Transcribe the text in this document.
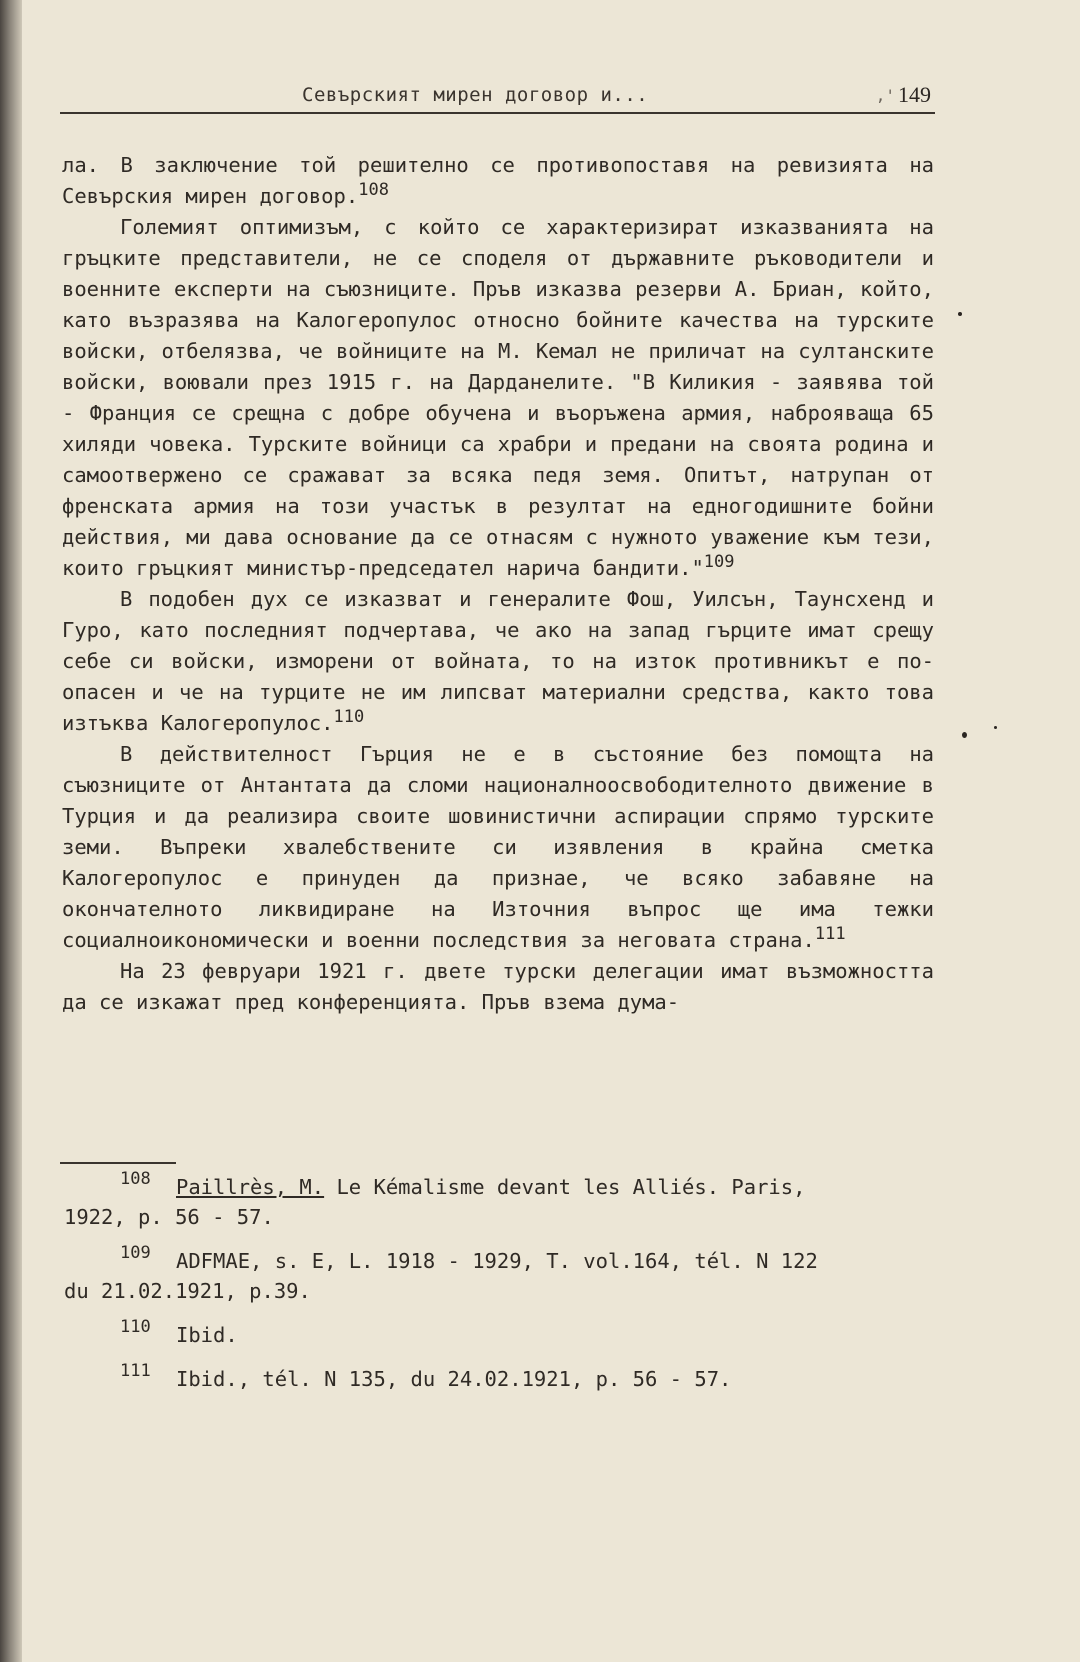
Севърският мирен договор и...	,' 149

ла. В заключение той решително се противопоставя на ревизията на Севърския мирен договор.$^{108}$

Големият оптимизъм, с който се характеризират изказванията на гръцките представители, не се споделя от държавните ръководители и военните експерти на съюзниците. Пръв изказва резерви А. Бриан, който, като възразява на Калогеропулос относно бойните качества на турските войски, отбелязва, че войниците на М. Кемал не приличат на султанските войски, воювали през 1915 г. на Дарданелите. "В Киликия - заявява той - Франция се срещна с добре обучена и въоръжена армия, наброяваща 65 хиляди човека. Турските войници са храбри и предани на своята родина и самоотвержено се сражават за всяка педя земя. Опитът, натрупан от френската армия на този участък в резултат на едногодишните бойни действия, ми дава основание да се отнасям с нужното уважение към тези, които гръцкият министър-председател нарича бандити."$^{109}$

В подобен дух се изказват и генералите Фош, Уилсън, Таунсхенд и Гуро, като последният подчертава, че ако на запад гърците имат срещу себе си войски, изморени от войната, то на изток противникът е по-опасен и че на турците не им липсват материални средства, както това изтъква Калогеропулос.$^{110}$

В действителност Гърция не е в състояние без помощта на съюзниците от Антантата да сломи националноосвободителното движение в Турция и да реализира своите шовинистични аспирации спрямо турските земи. Въпреки хвалебствените си изявления в крайна сметка Калогеропулос е принуден да признае, че всяко забавяне на окончателното ликвидиране на Източния въпрос ще има тежки социалноикономически и военни последствия за неговата страна.$^{111}$

На 23 февруари 1921 г. двете турски делегации имат възможността да се изкажат пред конференцията. Пръв взема дума-

108 Paillrès, M. Le Kémalisme devant les Alliés. Paris,
1922, p. 56 - 57.
109 ADFMAE, s. E, L. 1918 - 1929, T. vol.164, tél. N 122
du 21.02.1921, p.39.
110 Ibid.
111 Ibid., tél. N 135, du 24.02.1921, p. 56 - 57.
